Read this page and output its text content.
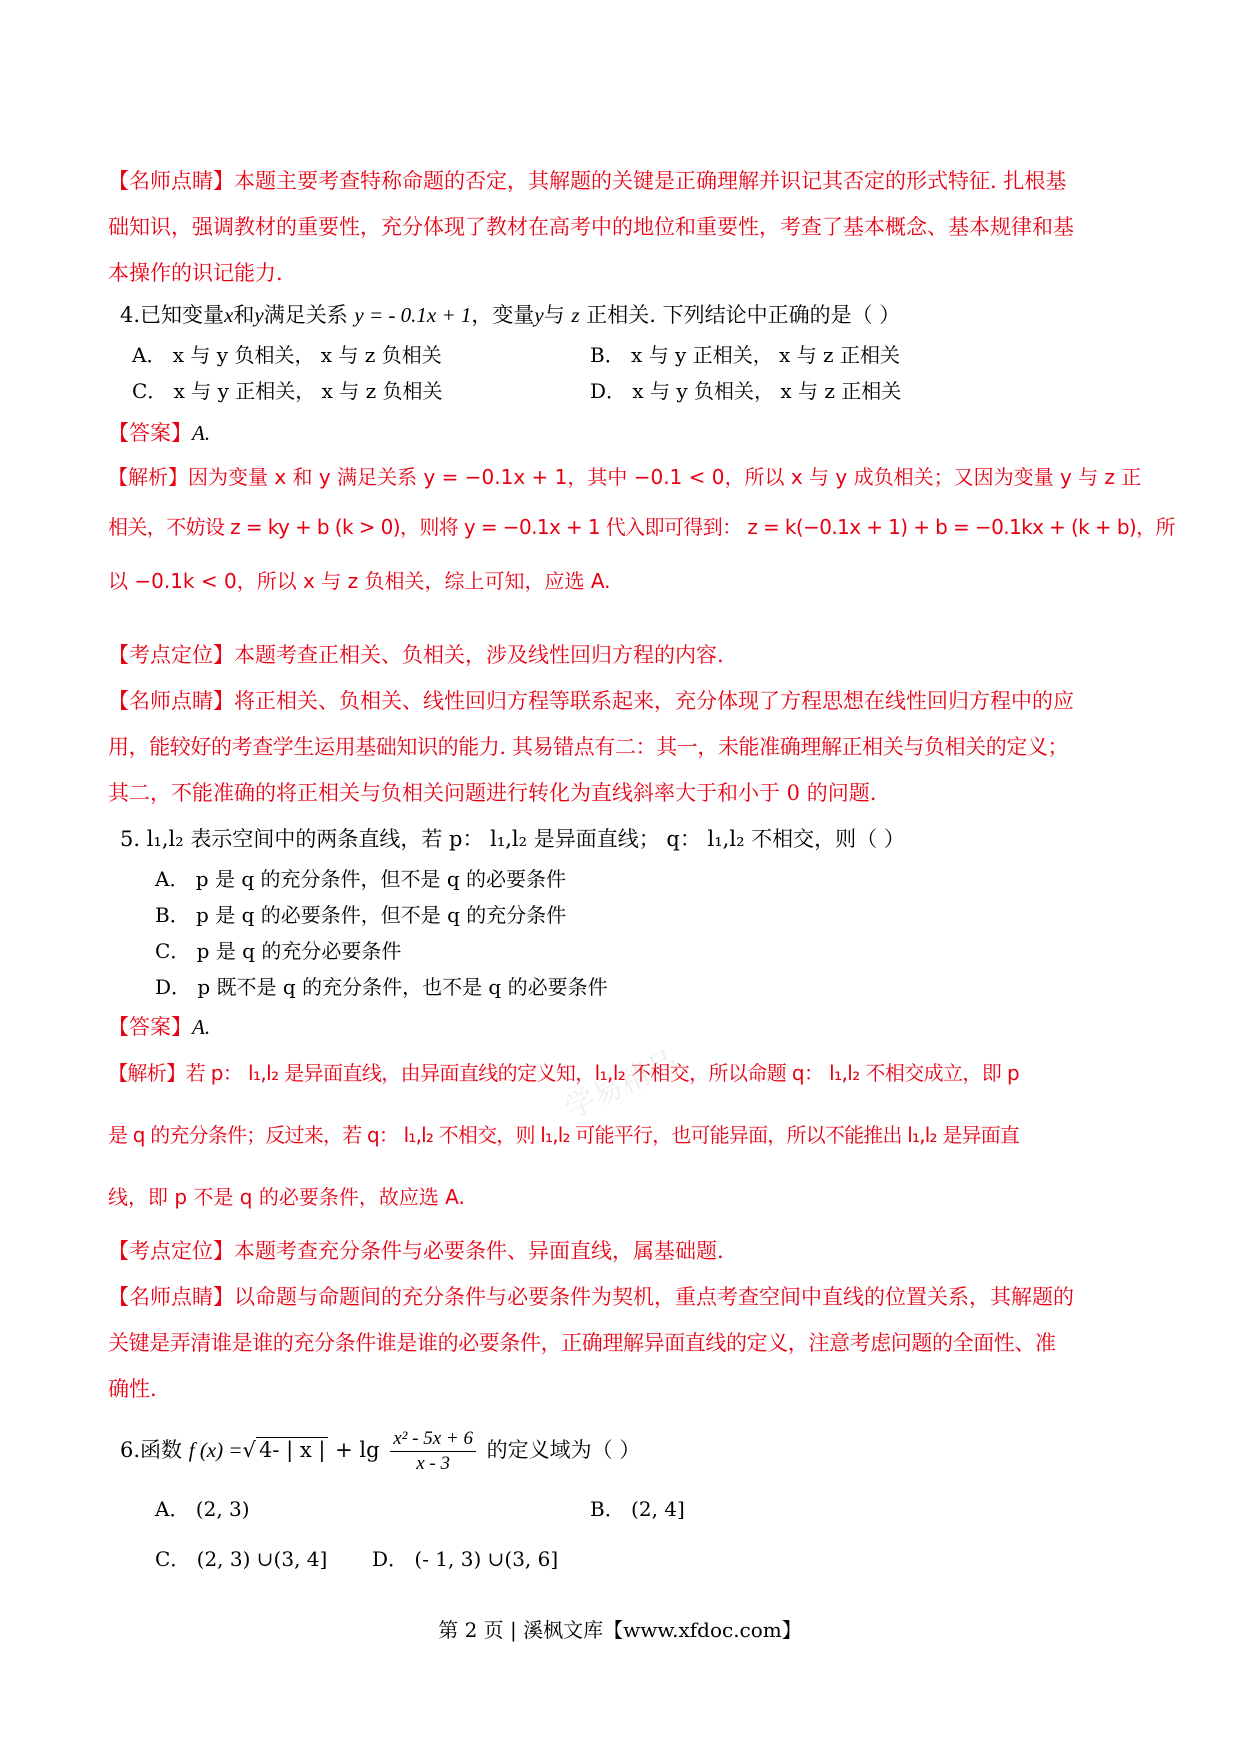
学易精品
【名师点睛】本题主要考查特称命题的否定，其解题的关键是正确理解并识记其否定的形式特征. 扎根基
础知识，强调教材的重要性，充分体现了教材在高考中的地位和重要性，考查了基本概念、基本规律和基
本操作的识记能力.
4.已知变量x和y满足关系 y = - 0.1x + 1，变量y与 z 正相关. 下列结论中正确的是（ ）
A． x 与 y 负相关， x 与 z 负相关	B． x 与 y 正相关， x 与 z 正相关
C． x 与 y 正相关， x 与 z 负相关	D． x 与 y 负相关， x 与 z 正相关
【答案】A.
【解析】因为变量 x 和 y 满足关系 y = −0.1x + 1，其中 −0.1 < 0，所以 x 与 y 成负相关；又因为变量 y 与 z 正
相关，不妨设 z = ky + b (k > 0)，则将 y = −0.1x + 1 代入即可得到： z = k(−0.1x + 1) + b = −0.1kx + (k + b)，所
以 −0.1k < 0，所以 x 与 z 负相关，综上可知，应选 A.
【考点定位】本题考查正相关、负相关，涉及线性回归方程的内容.
【名师点睛】将正相关、负相关、线性回归方程等联系起来，充分体现了方程思想在线性回归方程中的应
用，能较好的考查学生运用基础知识的能力. 其易错点有二：其一，未能准确理解正相关与负相关的定义；
其二，不能准确的将正相关与负相关问题进行转化为直线斜率大于和小于 0 的问题.
5. l₁,l₂ 表示空间中的两条直线，若 p： l₁,l₂ 是异面直线； q： l₁,l₂ 不相交，则（ ）
A． p 是 q 的充分条件，但不是 q 的必要条件
B． p 是 q 的必要条件，但不是 q 的充分条件
C． p 是 q 的充分必要条件
D． p 既不是 q 的充分条件，也不是 q 的必要条件
【答案】A.
【解析】若 p： l₁,l₂ 是异面直线，由异面直线的定义知，l₁,l₂ 不相交，所以命题 q： l₁,l₂ 不相交成立，即 p
是 q 的充分条件；反过来，若 q： l₁,l₂ 不相交，则 l₁,l₂ 可能平行，也可能异面，所以不能推出 l₁,l₂ 是异面直
线，即 p 不是 q 的必要条件，故应选 A.
【考点定位】本题考查充分条件与必要条件、异面直线，属基础题.
【名师点睛】以命题与命题间的充分条件与必要条件为契机，重点考查空间中直线的位置关系，其解题的
关键是弄清谁是谁的充分条件谁是谁的必要条件，正确理解异面直线的定义，注意考虑问题的全面性、准
确性.
6.函数 f (x) =√ 4- | x | + $\lg \frac{\text{x² - 5x + 6}}{x - 3}$ 的定义域为（ ）
A． (2, 3)	B． (2, 4]
C． (2, 3) ∪(3, 4] D． (- 1, 3) ∪(3, 6]
第 2 页 | 溪枫文库【www.xfdoc.com】
